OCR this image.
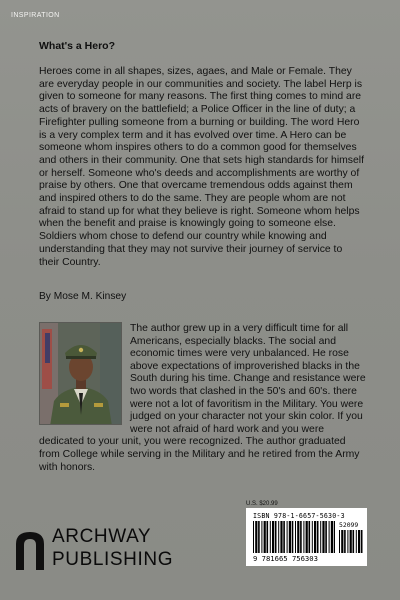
INSPIRATION
What's a Hero?

Heroes come in all shapes, sizes, agaes, and Male or Female. They are everyday people in our communities and society. The label Herp is given to someone for many reasons. The first thing comes to mind are acts of bravery on the battlefield; a Police Officer in the line of duty; a Firefighter pulling someone from a burning or building. The word Hero is a very complex term and it has evolved over time. A Hero can be someone whom inspires others to do a common good for themselves and others in their community. One that sets high standards for himself or herself. Someone who's deeds and accomplishments are worthy of praise by others. One that overcame tremendous odds against them and inspired others to do the same. They are people whom are not afraid to stand up for what they believe is right. Someone whom helps when the benefit and praise is knowingly going to someone else. Soldiers whom chose to defend our country while knowing and understanding that they may not survive their journey of service to their Country.

By Mose M. Kinsey

The author grew up in a very difficult time for all Americans, especially blacks. The social and economic times were very unbalanced. He rose above expectations of improverished blacks in the South during his time. Change and resistance were two words that clashed in the 50's and 60's. there were not a lot of favoritism in the Military. You were judged on your character not your skin color. If you were not afraid of hard work and you were dedicated to your unit, you were recognized. The author graduated from College while serving in the Military and he retired from the Army with honors.

U.S. $20.99
ISBN 978-1-6657-5630-3
52099
9 781665 756303
ARCHWAY
PUBLISHING
